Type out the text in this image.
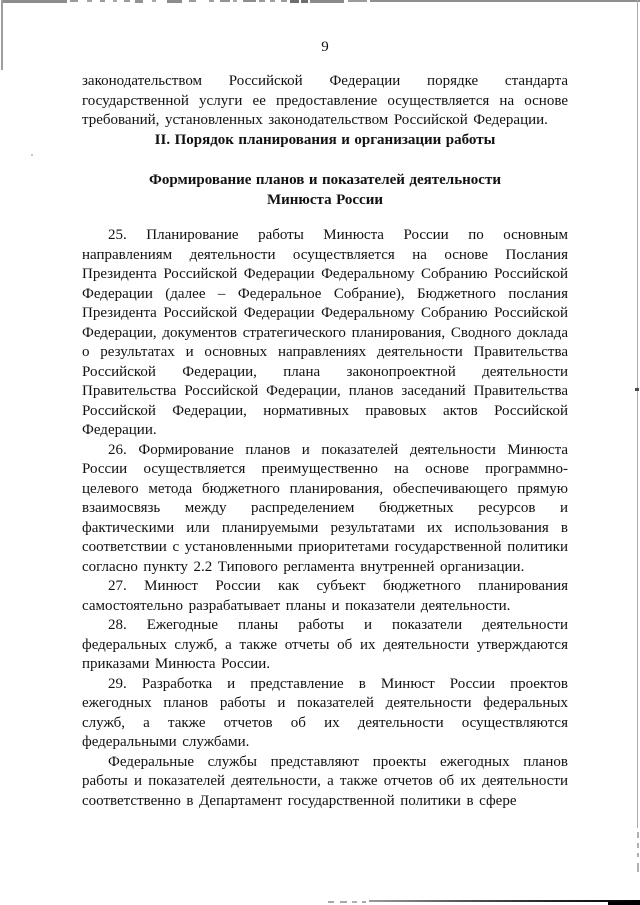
9

законодательством Российской Федерации порядке стандарта государственной услуги ее предоставление осуществляется на основе требований, установленных законодательством Российской Федерации.

II. Порядок планирования и организации работы

Формирование планов и показателей деятельности
Минюста России

25. Планирование работы Минюста России по основным направлениям деятельности осуществляется на основе Послания Президента Российской Федерации Федеральному Собранию Российской Федерации (далее – Федеральное Собрание), Бюджетного послания Президента Российской Федерации Федеральному Собранию Российской Федерации, документов стратегического планирования, Сводного доклада о результатах и основных направлениях деятельности Правительства Российской Федерации, плана законопроектной деятельности Правительства Российской Федерации, планов заседаний Правительства Российской Федерации, нормативных правовых актов Российской Федерации.

26. Формирование планов и показателей деятельности Минюста России осуществляется преимущественно на основе программно-целевого метода бюджетного планирования, обеспечивающего прямую взаимосвязь между распределением бюджетных ресурсов и фактическими или планируемыми результатами их использования в соответствии с установленными приоритетами государственной политики согласно пункту 2.2 Типового регламента внутренней организации.

27. Минюст России как субъект бюджетного планирования самостоятельно разрабатывает планы и показатели деятельности.

28. Ежегодные планы работы и показатели деятельности федеральных служб, а также отчеты об их деятельности утверждаются приказами Минюста России.

29. Разработка и представление в Минюст России проектов ежегодных планов работы и показателей деятельности федеральных служб, а также отчетов об их деятельности осуществляются федеральными службами.

Федеральные службы представляют проекты ежегодных планов работы и показателей деятельности, а также отчетов об их деятельности соответственно в Департамент государственной политики в сфере
